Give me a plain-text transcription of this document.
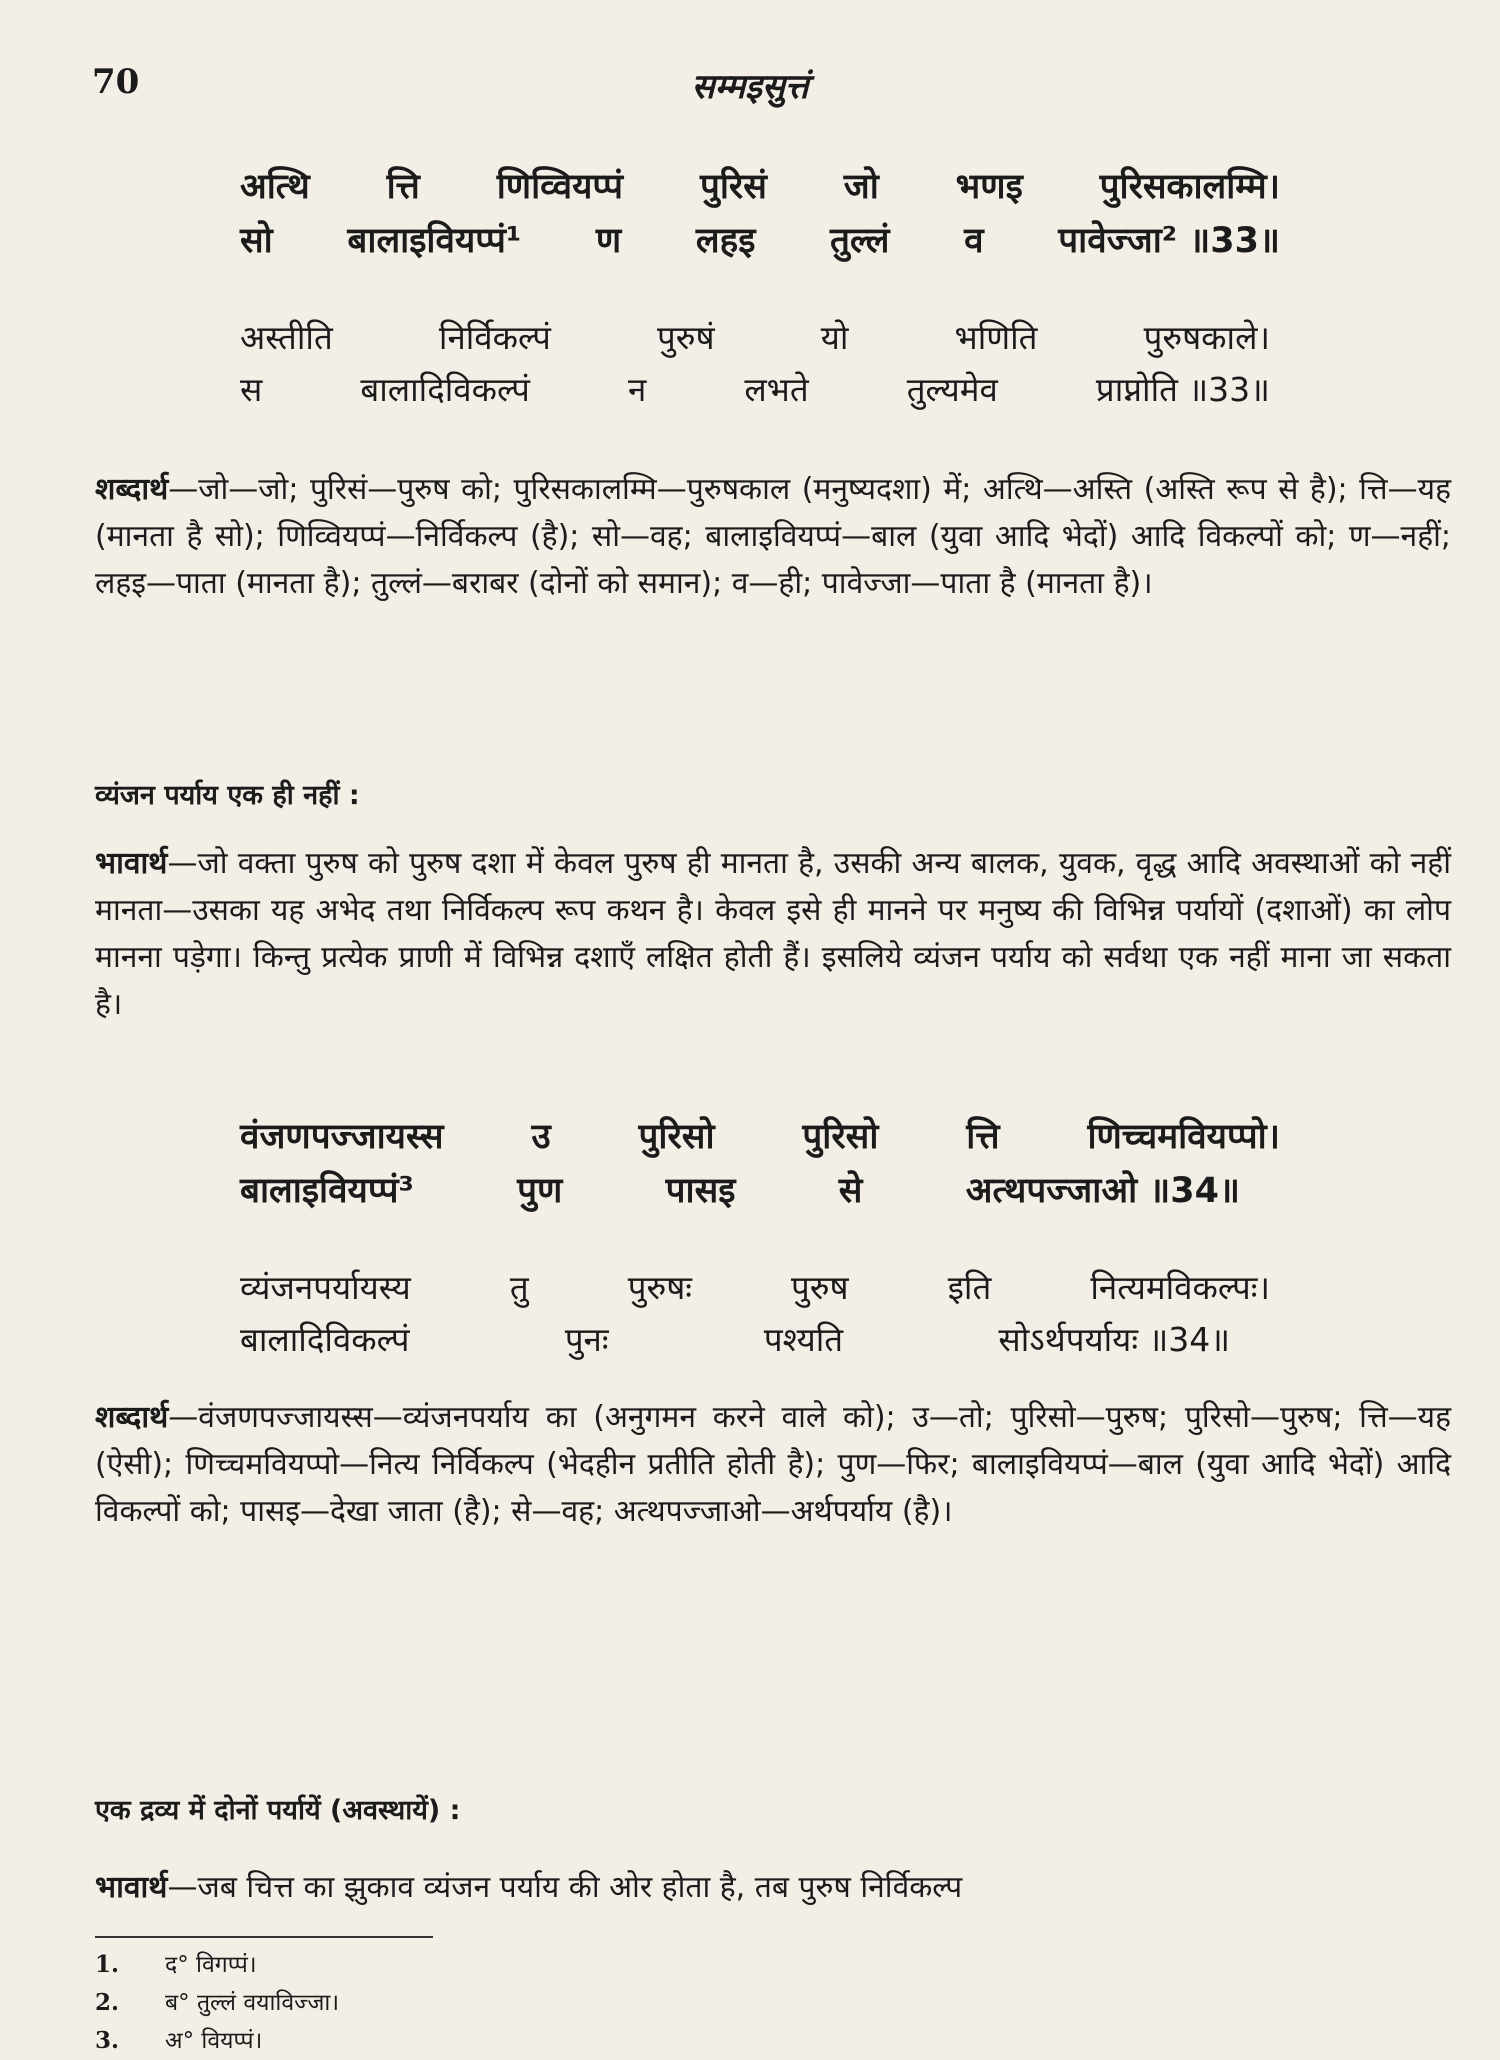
70	सम्मइसुत्तं
अत्थि त्ति णिव्वियप्पं पुरिसं जो भणइ पुरिसकालम्मि।
सो बालाइवियप्पं¹ ण लहइ तुल्लं व पावेज्जा² ॥33॥
अस्तीति	निर्विकल्पं	पुरुषं	यो	भणिति	पुरुषकाले।
स	बालादिविकल्पं	न	लभते	तुल्यमेव	प्राप्नोति ॥33॥
शब्दार्थ—जो—जो; पुरिसं—पुरुष को; पुरिसकालम्मि—पुरुषकाल (मनुष्यदशा) में; अत्थि—अस्ति (अस्ति रूप से है); त्ति—यह (मानता है सो); णिव्वियप्पं—निर्विकल्प (है); सो—वह; बालाइवियप्पं—बाल (युवा आदि भेदों) आदि विकल्पों को; ण—नहीं; लहइ—पाता (मानता है); तुल्लं—बराबर (दोनों को समान); व—ही; पावेज्जा—पाता है (मानता है)।
व्यंजन पर्याय एक ही नहीं :
भावार्थ—जो वक्ता पुरुष को पुरुष दशा में केवल पुरुष ही मानता है, उसकी अन्य बालक, युवक, वृद्ध आदि अवस्थाओं को नहीं मानता—उसका यह अभेद तथा निर्विकल्प रूप कथन है। केवल इसे ही मानने पर मनुष्य की विभिन्न पर्यायों (दशाओं) का लोप मानना पड़ेगा। किन्तु प्रत्येक प्राणी में विभिन्न दशाएँ लक्षित होती हैं। इसलिये व्यंजन पर्याय को सर्वथा एक नहीं माना जा सकता है।
वंजणपज्जायस्स	उ	पुरिसो	पुरिसो	त्ति	णिच्चमवियप्पो।
बालाइवियप्पं³	पुण	पासइ	से	अत्थपज्जाओ ॥34॥
व्यंजनपर्यायस्य	तु	पुरुषः	पुरुष	इति	नित्यमविकल्पः।
बालादिविकल्पं	पुनः	पश्यति	सोऽर्थपर्यायः ॥34॥
शब्दार्थ—वंजणपज्जायस्स—व्यंजनपर्याय का (अनुगमन करने वाले को); उ—तो; पुरिसो—पुरुष; पुरिसो—पुरुष; त्ति—यह (ऐसी); णिच्चमवियप्पो—नित्य निर्विकल्प (भेदहीन प्रतीति होती है); पुण—फिर; बालाइवियप्पं—बाल (युवा आदि भेदों) आदि विकल्पों को; पासइ—देखा जाता (है); से—वह; अत्थपज्जाओ—अर्थपर्याय (है)।
एक द्रव्य में दोनों पर्यायें (अवस्थायें) :
भावार्थ—जब चित्त का झुकाव व्यंजन पर्याय की ओर होता है, तब पुरुष निर्विकल्प
1.	द° विगप्पं।
2.	ब° तुल्लं वयाविज्जा।
3.	अ° वियप्पं।
